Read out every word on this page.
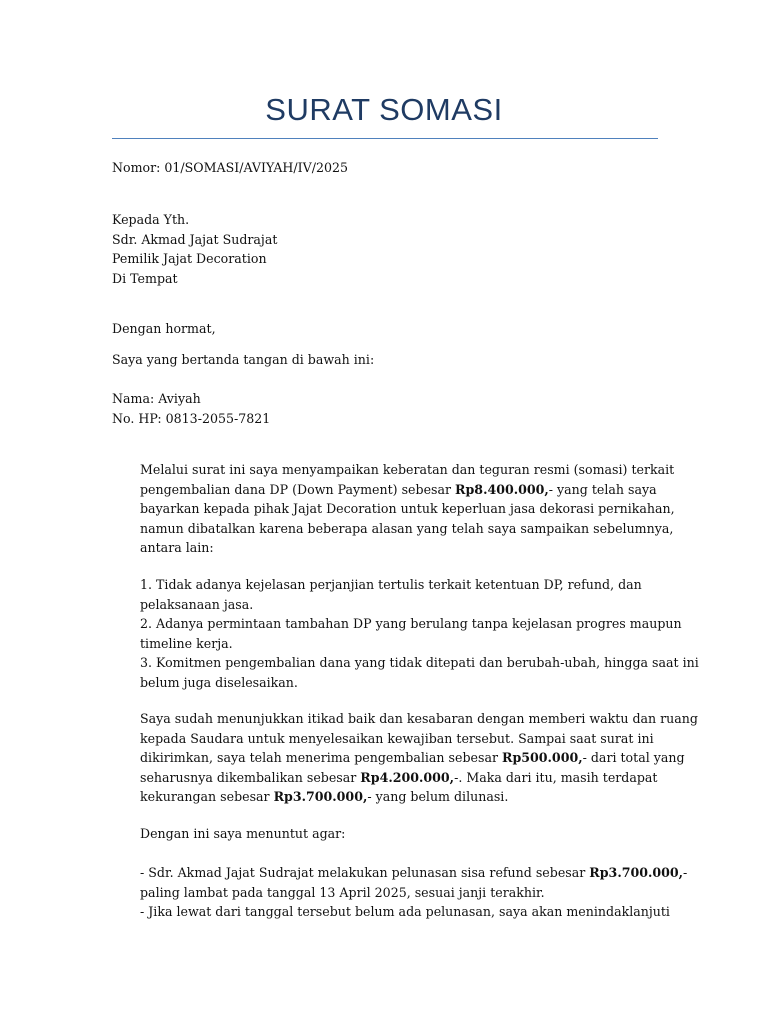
SURAT SOMASI

Nomor: 01/SOMASI/AVIYAH/IV/2025

Kepada Yth.
Sdr. Akmad Jajat Sudrajat
Pemilik Jajat Decoration
Di Tempat

Dengan hormat,

Saya yang bertanda tangan di bawah ini:

Nama: Aviyah
No. HP: 0813-2055-7821

Melalui surat ini saya menyampaikan keberatan dan teguran resmi (somasi) terkait
pengembalian dana DP (Down Payment) sebesar Rp8.400.000,- yang telah saya
bayarkan kepada pihak Jajat Decoration untuk keperluan jasa dekorasi pernikahan,
namun dibatalkan karena beberapa alasan yang telah saya sampaikan sebelumnya,
antara lain:

1. Tidak adanya kejelasan perjanjian tertulis terkait ketentuan DP, refund, dan
pelaksanaan jasa.
2. Adanya permintaan tambahan DP yang berulang tanpa kejelasan progres maupun
timeline kerja.
3. Komitmen pengembalian dana yang tidak ditepati dan berubah-ubah, hingga saat ini
belum juga diselesaikan.

Saya sudah menunjukkan itikad baik dan kesabaran dengan memberi waktu dan ruang
kepada Saudara untuk menyelesaikan kewajiban tersebut. Sampai saat surat ini
dikirimkan, saya telah menerima pengembalian sebesar Rp500.000,- dari total yang
seharusnya dikembalikan sebesar Rp4.200.000,-. Maka dari itu, masih terdapat
kekurangan sebesar Rp3.700.000,- yang belum dilunasi.

Dengan ini saya menuntut agar:

- Sdr. Akmad Jajat Sudrajat melakukan pelunasan sisa refund sebesar Rp3.700.000,-
paling lambat pada tanggal 13 April 2025, sesuai janji terakhir.
- Jika lewat dari tanggal tersebut belum ada pelunasan, saya akan menindaklanjuti
